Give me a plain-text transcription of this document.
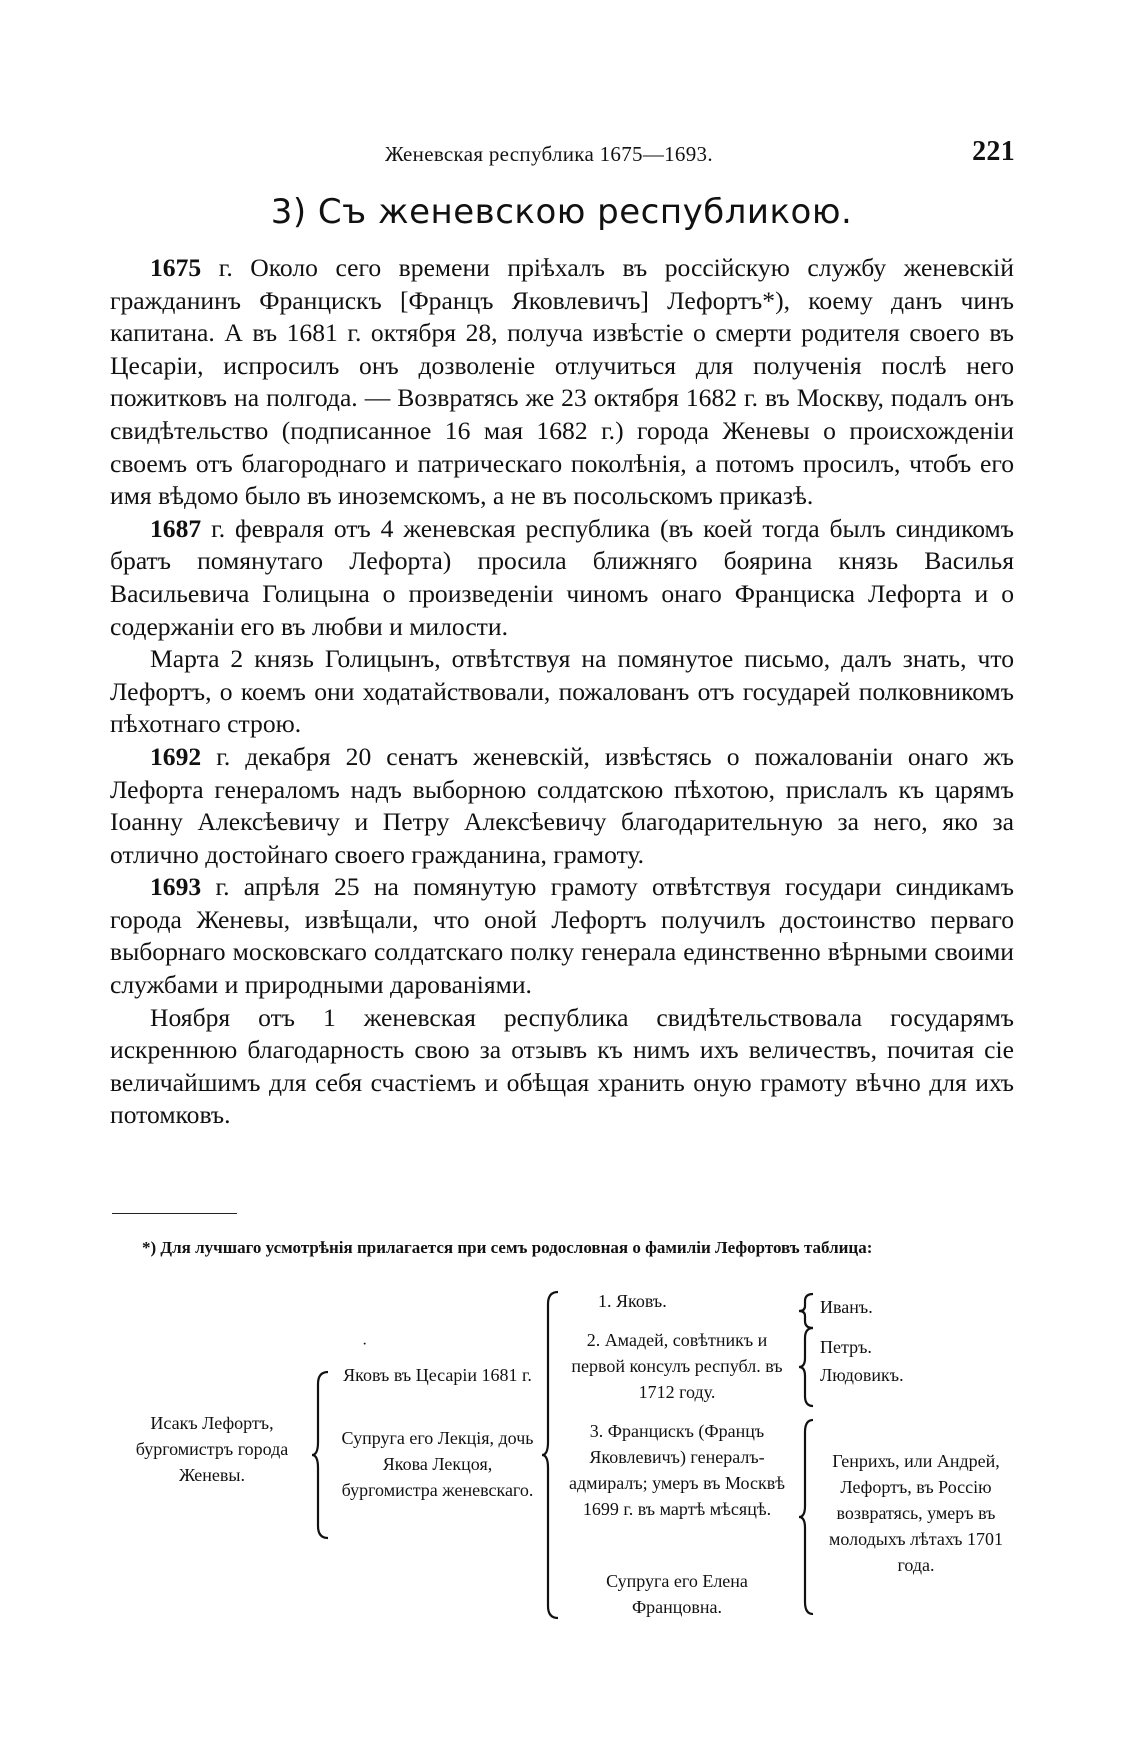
Женевская республика 1675—1693.	221
3) Съ женевскою республикою.

1675 г. Около сего времени пріѣхалъ въ россійскую службу женевскій гражданинъ Францискъ [Францъ Яковлевичъ] Лефортъ*), коему данъ чинъ капитана. А въ 1681 г. октября 28, получа извѣстіе о смерти родителя своего въ Цесаріи, испросилъ онъ дозволеніе отлучиться для полученія послѣ него пожитковъ на полгода. — Возвратясь же 23 октября 1682 г. въ Москву, подалъ онъ свидѣтельство (подписанное 16 мая 1682 г.) города Женевы о происхожденіи своемъ отъ благороднаго и патрическаго поколѣнія, а потомъ просилъ, чтобъ его имя вѣдомо было въ иноземскомъ, а не въ посольскомъ приказѣ.

1687 г. февраля отъ 4 женевская республика (въ коей тогда былъ синдикомъ братъ помянутаго Лефорта) просила ближняго боярина князь Василья Васильевича Голицына о произведеніи чиномъ онаго Франциска Лефорта и о содержаніи его въ любви и милости.

Марта 2 князь Голицынъ, отвѣтствуя на помянутое письмо, далъ знать, что Лефортъ, о коемъ они ходатайствовали, пожалованъ отъ государей полковникомъ пѣхотнаго строю.

1692 г. декабря 20 сенатъ женевскій, извѣстясь о пожалованіи онаго жъ Лефорта генераломъ надъ выборною солдатскою пѣхотою, прислалъ къ царямъ Іоанну Алексѣевичу и Петру Алексѣевичу благодарительную за него, яко за отлично достойнаго своего гражданина, грамоту.

1693 г. апрѣля 25 на помянутую грамоту отвѣтствуя государи синдикамъ города Женевы, извѣщали, что оной Лефортъ получилъ достоинство перваго выборнаго московскаго солдатскаго полку генерала единственно вѣрными своими службами и природными дарованіями.

Ноября отъ 1 женевская республика свидѣтельствовала государямъ искреннюю благодарность свою за отзывъ къ нимъ ихъ величествъ, почитая сіе величайшимъ для себя счастіемъ и обѣщая хранить оную грамоту вѣчно для ихъ потомковъ.

*) Для лучшаго усмотрѣнія прилагается при семъ родословная о фамиліи Лефортовъ таблица:
Исакъ Лефортъ, бургомистръ города Женевы.
·
Яковъ въ Цесаріи 1681 г.
Супруга его Лекція, дочь Якова Лекцоя, бургомистра женевскаго.
1. Яковъ.
2. Амадей, совѣтникъ и первой консулъ республ. въ 1712 году.
3. Францискъ (Францъ Яковлевичъ) генералъ-адмиралъ; умеръ въ Москвѣ 1699 г. въ мартѣ мѣсяцѣ.
Супруга его Елена Францовна.
Иванъ.
Петръ.
Людовикъ.
Генрихъ, или Андрей, Лефортъ, въ Россію возвратясь, умеръ въ молодыхъ лѣтахъ 1701 года.
